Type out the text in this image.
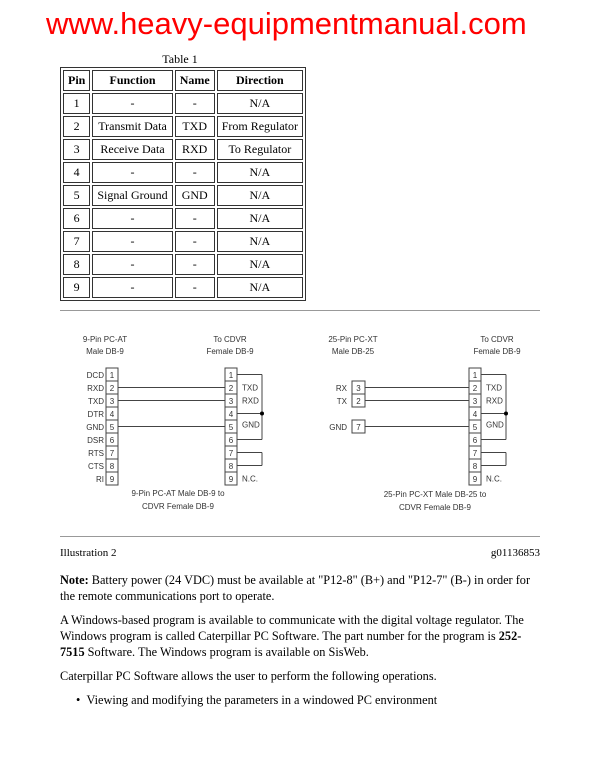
www.heavy-equipmentmanual.com
Table 1
Pin	Function	Name	Direction
1	-	-	N/A
2	Transmit Data	TXD	From Regulator
3	Receive Data	RXD	To Regulator
4	-	-	N/A
5	Signal Ground	GND	N/A
6	-	-	N/A
7	-	-	N/A
8	-	-	N/A
9	-	-	N/A
9-Pin PC-AT
Male DB-9
To CDVR
Female DB-9
1
DCD
2
RXD
3
TXD
4
DTR
5
GND
6
DSR
7
RTS
8
CTS
9
RI
1
2
3
4
5
6
7
8
9
TXD
RXD
GND
N.C.
9-Pin PC-AT Male DB-9 to
CDVR Female DB-9
25-Pin PC-XT
Male DB-25
To CDVR
Female DB-9
3
RX
2
TX
7
GND
1
2
3
4
5
6
7
8
9
TXD
RXD
GND
N.C.
25-Pin PC-XT Male DB-25 to
CDVR Female DB-9
Illustration 2	g01136853

Note: Battery power (24 VDC) must be available at "P12-8" (B+) and "P12-7" (B-) in order for the remote communications port to operate.

A Windows-based program is available to communicate with the digital voltage regulator. The Windows program is called Caterpillar PC Software. The part number for the program is 252-7515 Software. The Windows program is available on SisWeb.

Caterpillar PC Software allows the user to perform the following operations.

•  Viewing and modifying the parameters in a windowed PC environment
